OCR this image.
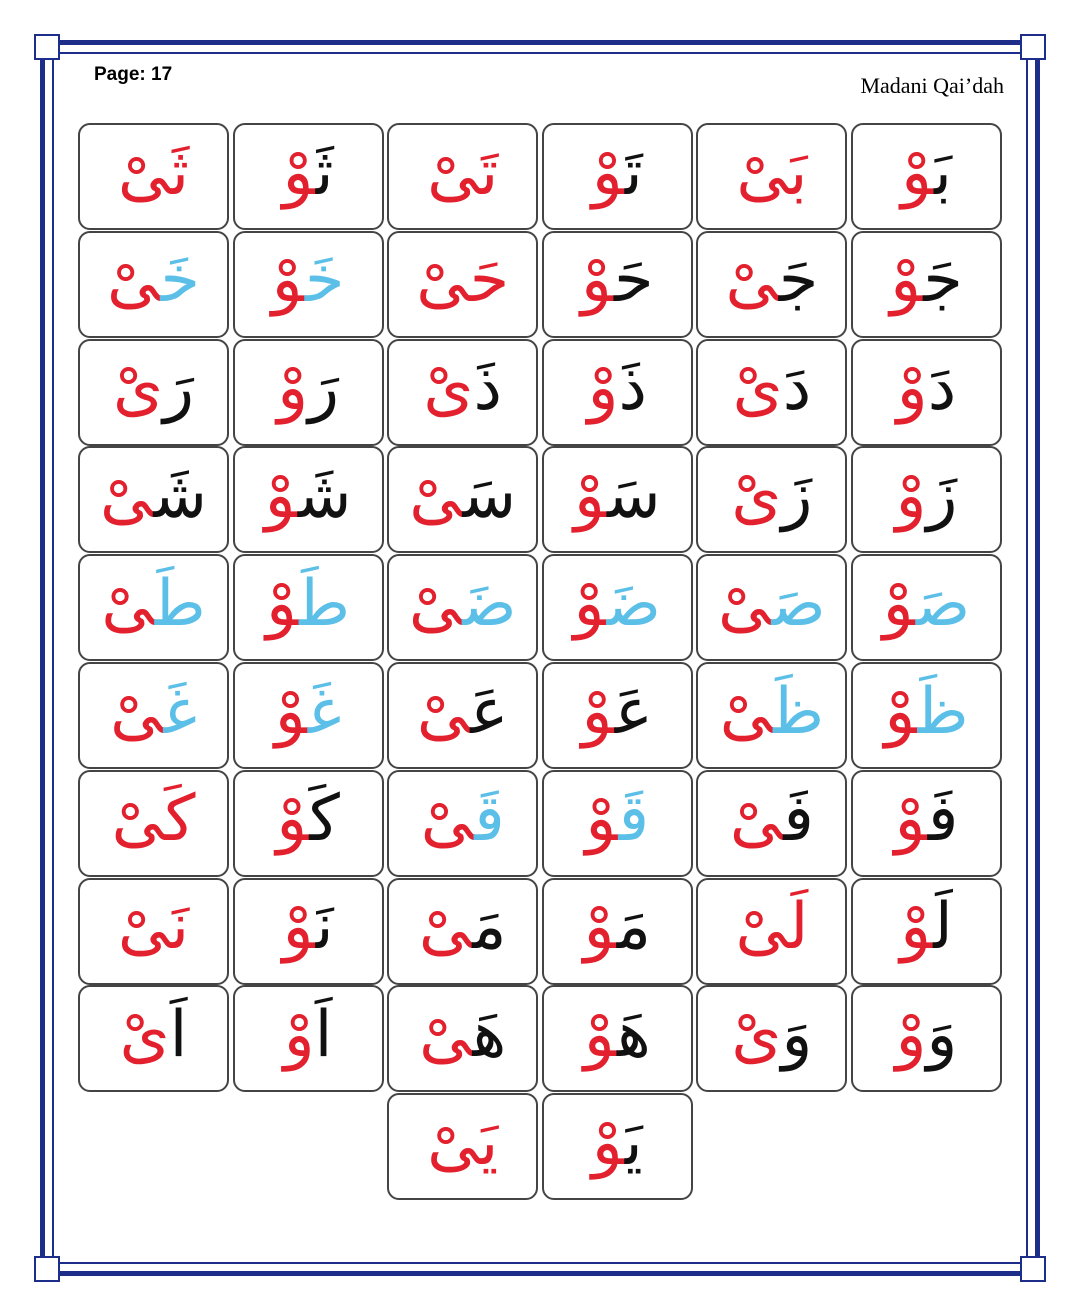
Page: 17	Madani Qai’dah
بَوْ
بَىْ
تَوْ
تَىْ
ثَوْ
ثَىْ
جَوْ
جَىْ
حَوْ
حَىْ
خَوْ
خَىْ
دَوْ
دَىْ
ذَوْ
ذَىْ
رَوْ
رَىْ
زَوْ
زَىْ
سَوْ
سَىْ
شَوْ
شَىْ
صَوْ
صَىْ
ضَوْ
ضَىْ
طَوْ
طَىْ
ظَوْ
ظَىْ
عَوْ
عَىْ
غَوْ
غَىْ
فَوْ
فَىْ
قَوْ
قَىْ
کَوْ
کَىْ
لَوْ
لَىْ
مَوْ
مَىْ
نَوْ
نَىْ
وَوْ
وَىْ
هَوْ
هَىْ
اَوْ
اَىْ
يَوْ
يَىْ
